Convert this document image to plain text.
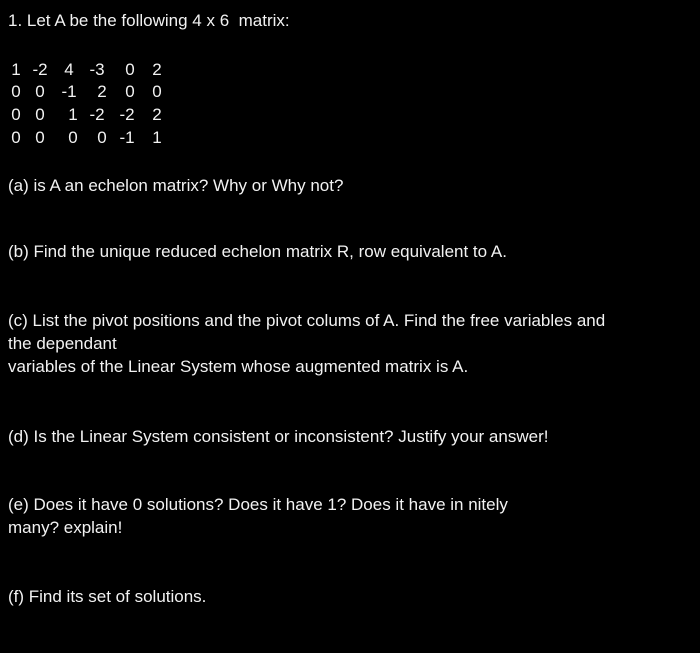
1. Let A be the following 4 x 6  matrix:
1 -2 4 -3	0	2
0 0 -1	2	0	0
0 0	1 -2 -2	2
0 0	0	0 -1	1
(a) is A an echelon matrix? Why or Why not?
(b) Find the unique reduced echelon matrix R, row equivalent to A.
(c) List the pivot positions and the pivot colums of A. Find the free variables and
the dependant
variables of the Linear System whose augmented matrix is A.
(d) Is the Linear System consistent or inconsistent? Justify your answer!
(e) Does it have 0 solutions? Does it have 1? Does it have in nitely
many? explain!
(f) Find its set of solutions.
